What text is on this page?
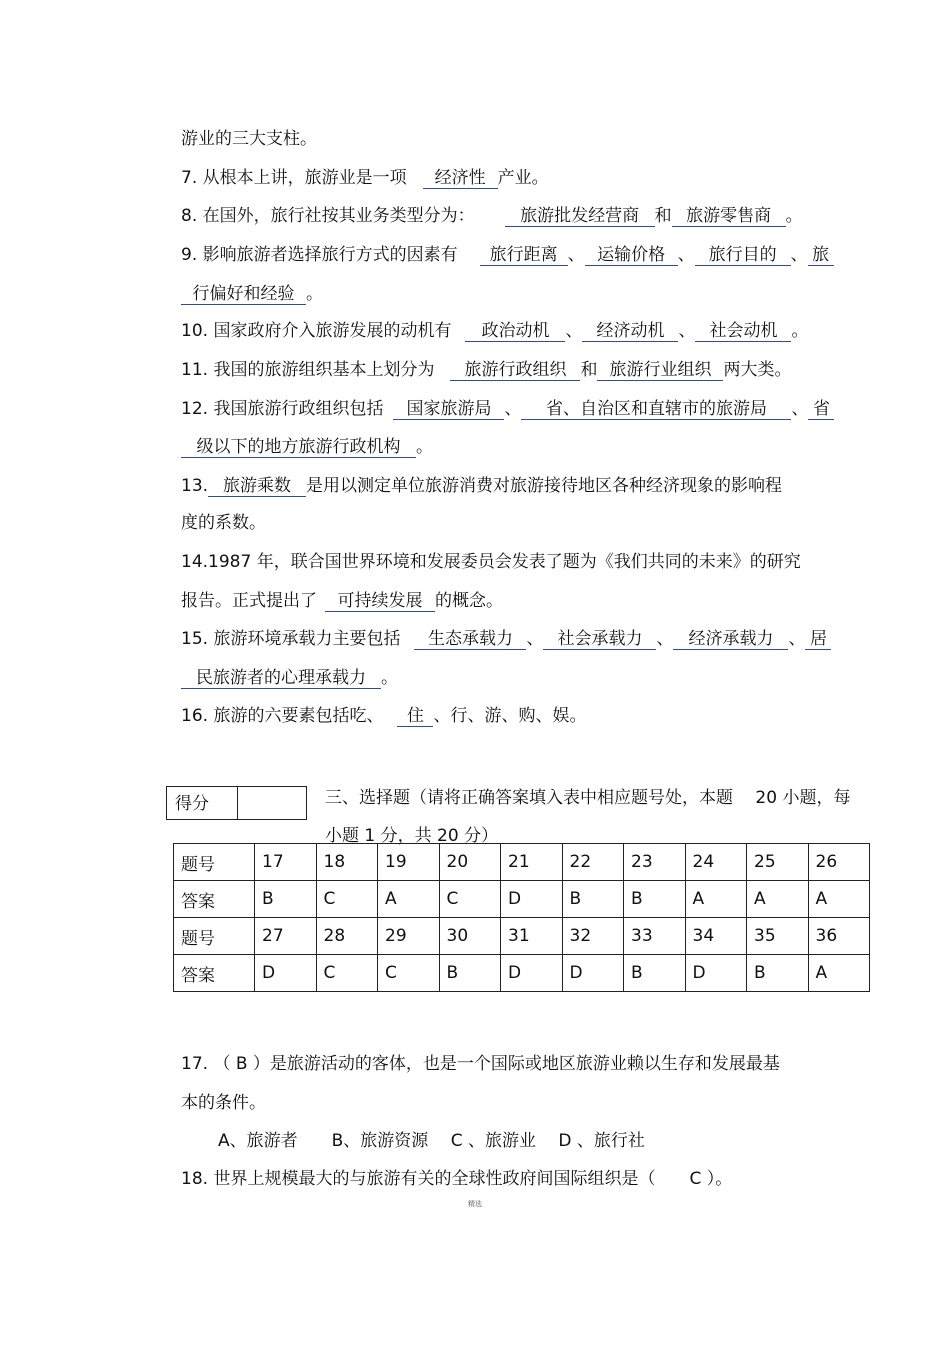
游业的三大支柱。
7. 从根本上讲，旅游业是一项 经济性 产业。
8. 在国外，旅行社按其业务类型分为：	旅游批发经营商 和 旅游零售商 。
9. 影响旅游者选择旅行方式的因素有 旅行距离 、 运输价格 、 旅行目的 、 旅
行偏好和经验 。
10. 国家政府介入旅游发展的动机有 政治动机 、 经济动机 、 社会动机 。
11. 我国的旅游组织基本上划分为 旅游行政组织 和 旅游行业组织 两大类。
12. 我国旅游行政组织包括 国家旅游局 、 省、自治区和直辖市的旅游局 、 省
级以下的地方旅游行政机构 。
13. 旅游乘数 是用以测定单位旅游消费对旅游接待地区各种经济现象的影响程
度的系数。
14.1987 年，联合国世界环境和发展委员会发表了题为《我们共同的未来》的研究
报告。正式提出了 可持续发展 的概念。
15. 旅游环境承载力主要包括 生态承载力 、 社会承载力 、 经济承载力 、 居
民旅游者的心理承载力 。
16. 旅游的六要素包括吃、 住 、行、游、购、娱。
得分	三、选择题（请将正确答案填入表中相应题号处，本题　 20 小题，每小题 1 分，共 20 分）
题号	17	18	19	20	21	22	23	24	25	26
答案	B	C	A	C	D	B	B	A	A	A
题号	27	28	29	30	31	32	33	34	35	36
答案	D	C	C	B	D	D	B	D	B	A
17. （ B ）是旅游活动的客体，也是一个国际或地区旅游业赖以生存和发展最基
本的条件。
A、旅游者　　B、旅游资源　 C 、旅游业　 D 、旅行社
18. 世界上规模最大的与旅游有关的全球性政府间国际组织是（　　C ）。
精选
